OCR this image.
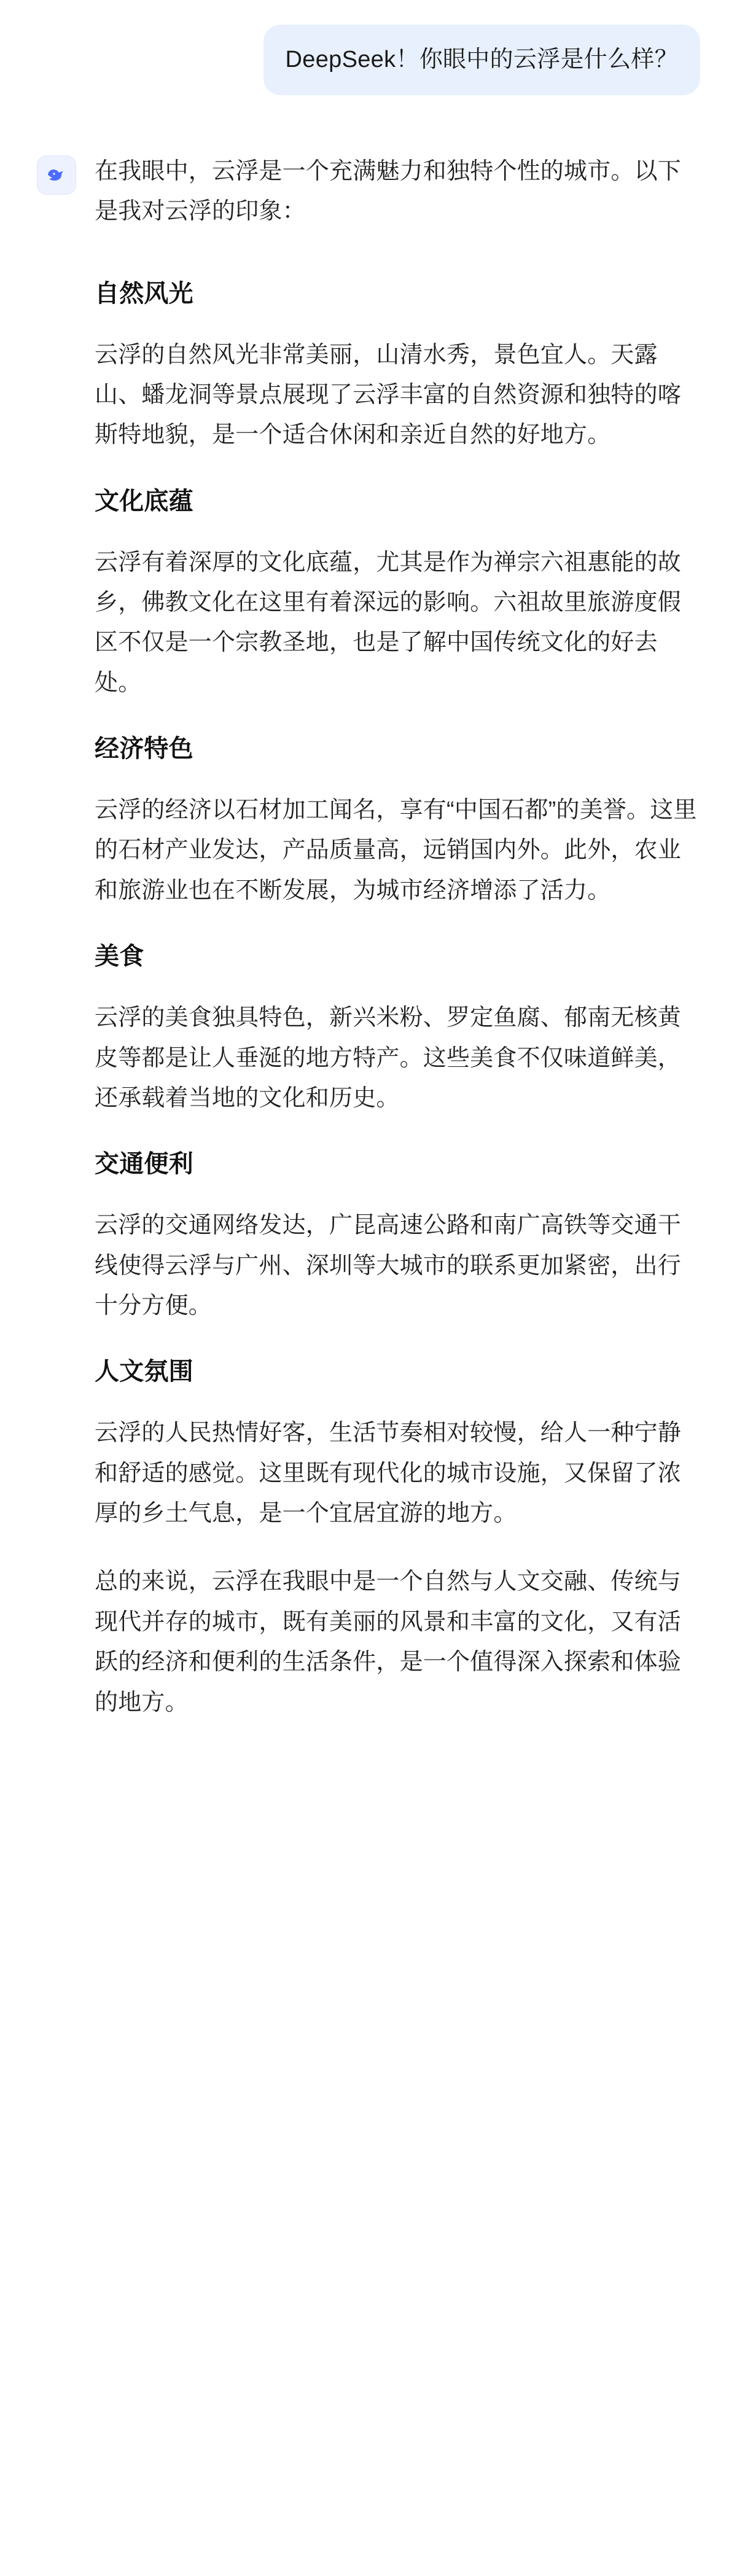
DeepSeek！你眼中的云浮是什么样？

在我眼中，云浮是一个充满魅力和独特个性的城市。以下是我对云浮的印象：

自然风光

云浮的自然风光非常美丽，山清水秀，景色宜人。天露山、蟠龙洞等景点展现了云浮丰富的自然资源和独特的喀斯特地貌，是一个适合休闲和亲近自然的好地方。

文化底蕴

云浮有着深厚的文化底蕴，尤其是作为禅宗六祖惠能的故乡，佛教文化在这里有着深远的影响。六祖故里旅游度假区不仅是一个宗教圣地，也是了解中国传统文化的好去处。

经济特色

云浮的经济以石材加工闻名，享有“中国石都”的美誉。这里的石材产业发达，产品质量高，远销国内外。此外，农业和旅游业也在不断发展，为城市经济增添了活力。

美食

云浮的美食独具特色，新兴米粉、罗定鱼腐、郁南无核黄皮等都是让人垂涎的地方特产。这些美食不仅味道鲜美，还承载着当地的文化和历史。

交通便利

云浮的交通网络发达，广昆高速公路和南广高铁等交通干线使得云浮与广州、深圳等大城市的联系更加紧密，出行十分方便。

人文氛围

云浮的人民热情好客，生活节奏相对较慢，给人一种宁静和舒适的感觉。这里既有现代化的城市设施，又保留了浓厚的乡土气息，是一个宜居宜游的地方。

总的来说，云浮在我眼中是一个自然与人文交融、传统与现代并存的城市，既有美丽的风景和丰富的文化，又有活跃的经济和便利的生活条件，是一个值得深入探索和体验的地方。
